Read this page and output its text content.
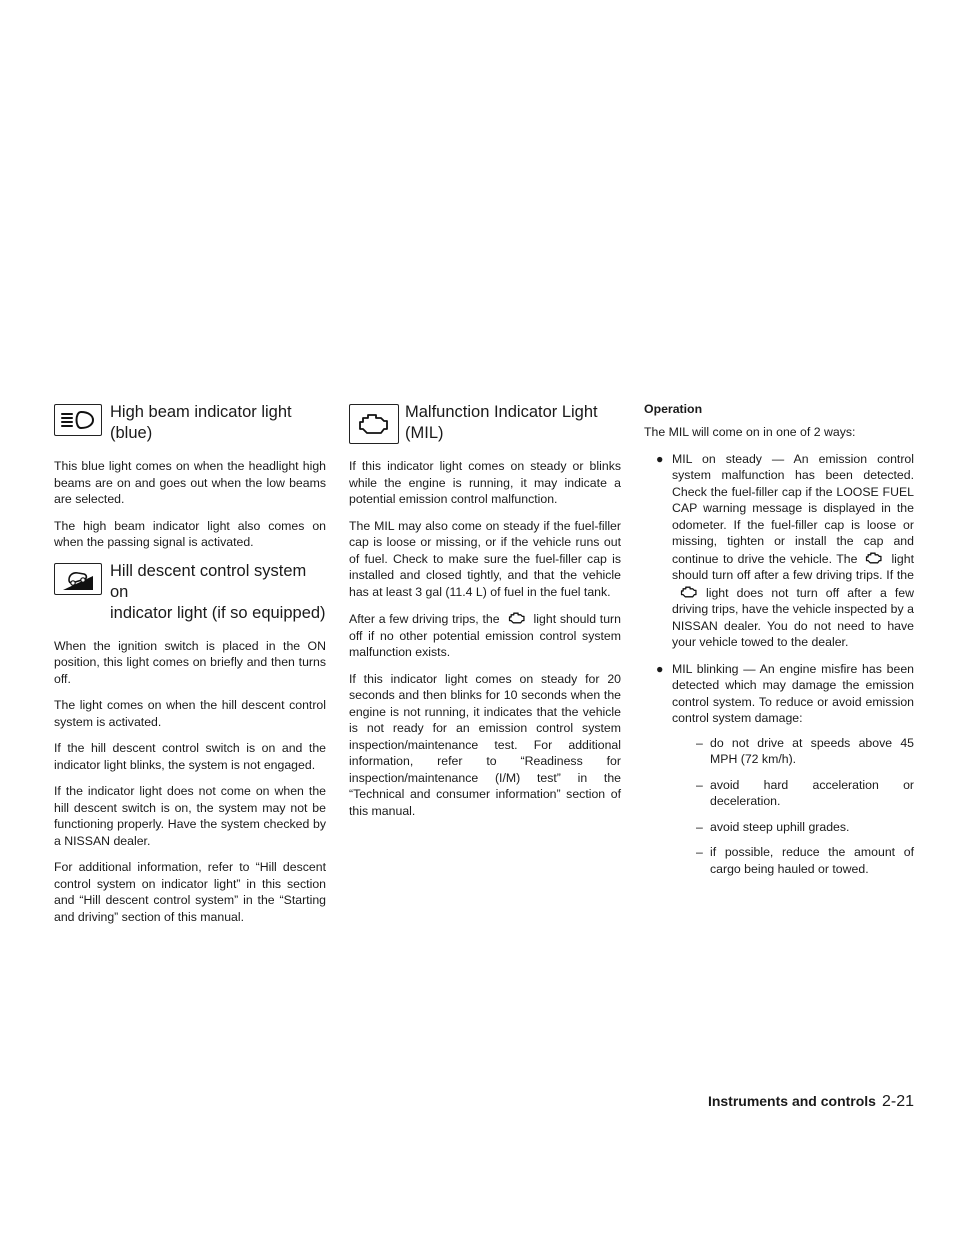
High beam indicator light
(blue)

This blue light comes on when the headlight high beams are on and goes out when the low beams are selected.

The high beam indicator light also comes on when the passing signal is activated.

Hill descent control system on
indicator light (if so equipped)

When the ignition switch is placed in the ON position, this light comes on briefly and then turns off.

The light comes on when the hill descent control system is activated.

If the hill descent control switch is on and the indicator light blinks, the system is not engaged.

If the indicator light does not come on when the hill descent switch is on, the system may not be functioning properly. Have the system checked by a NISSAN dealer.

For additional information, refer to “Hill descent control system on indicator light” in this section and “Hill descent control system” in the “Starting and driving” section of this manual.

Malfunction Indicator Light
(MIL)

If this indicator light comes on steady or blinks while the engine is running, it may indicate a potential emission control malfunction.

The MIL may also come on steady if the fuel-filler cap is loose or missing, or if the vehicle runs out of fuel. Check to make sure the fuel-filler cap is installed and closed tightly, and that the vehicle has at least 3 gal (11.4 L) of fuel in the fuel tank.

After a few driving trips, the	light should turn off if no other potential emission control system malfunction exists.

If this indicator light comes on steady for 20 seconds and then blinks for 10 seconds when the engine is not running, it indicates that the vehicle is not ready for an emission control system inspection/maintenance test. For additional information, refer to “Readiness for inspection/maintenance (I/M) test” in the “Technical and consumer information” section of this manual.

Operation

The MIL will come on in one of 2 ways:

● MIL on steady — An emission control system malfunction has been detected. Check the fuel-filler cap if the LOOSE FUEL CAP warning message is displayed in the odometer. If the fuel-filler cap is loose or missing, tighten or install the cap and continue to drive the vehicle. The	light should turn off after a few driving trips. If thelight does not turn off after a few driving trips, have the vehicle inspected by a NISSAN dealer. You do not need to have your vehicle towed to the dealer.
● MIL blinking — An engine misfire has been detected which may damage the emission control system. To reduce or avoid emission control system damage:
– do not drive at speeds above 45 MPH (72 km/h).
– avoid hard acceleration or deceleration.
– avoid steep uphill grades.
– if possible, reduce the amount of cargo being hauled or towed.
Instruments and controls 2-21
